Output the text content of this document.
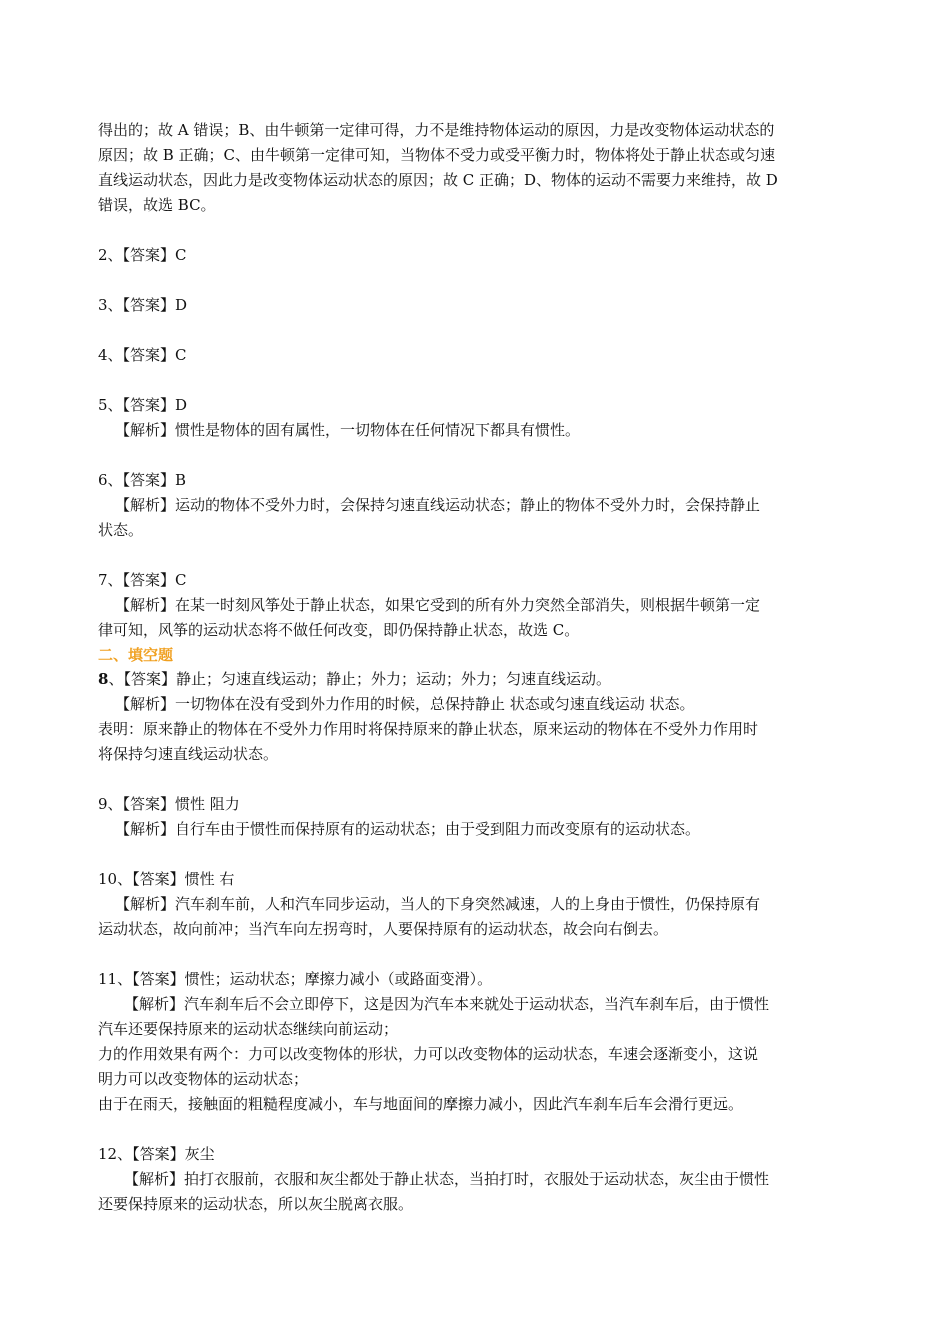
得出的；故 A 错误；B、由牛顿第一定律可得，力不是维持物体运动的原因，力是改变物体运动状态的
原因；故 B 正确；C、由牛顿第一定律可知，当物体不受力或受平衡力时，物体将处于静止状态或匀速
直线运动状态，因此力是改变物体运动状态的原因；故 C 正确；D、物体的运动不需要力来维持，故 D
错误，故选 BC。
2、【答案】C
3、【答案】D
4、【答案】C
5、【答案】D
【解析】惯性是物体的固有属性，一切物体在任何情况下都具有惯性。
6、【答案】B
【解析】运动的物体不受外力时，会保持匀速直线运动状态；静止的物体不受外力时，会保持静止
状态。
7、【答案】C
【解析】在某一时刻风筝处于静止状态，如果它受到的所有外力突然全部消失，则根据牛顿第一定
律可知，风筝的运动状态将不做任何改变，即仍保持静止状态，故选 C。
二、填空题
8、【答案】静止；匀速直线运动；静止；外力；运动；外力；匀速直线运动。
【解析】一切物体在没有受到外力作用的时候，总保持静止 状态或匀速直线运动 状态。
表明：原来静止的物体在不受外力作用时将保持原来的静止状态，原来运动的物体在不受外力作用时
将保持匀速直线运动状态。
9、【答案】惯性 阻力
【解析】自行车由于惯性而保持原有的运动状态；由于受到阻力而改变原有的运动状态。
10、【答案】惯性 右
【解析】汽车刹车前，人和汽车同步运动，当人的下身突然减速，人的上身由于惯性，仍保持原有
运动状态，故向前冲；当汽车向左拐弯时，人要保持原有的运动状态，故会向右倒去。
11、【答案】惯性；运动状态；摩擦力减小（或路面变滑）。
【解析】汽车刹车后不会立即停下，这是因为汽车本来就处于运动状态，当汽车刹车后，由于惯性
汽车还要保持原来的运动状态继续向前运动；
力的作用效果有两个：力可以改变物体的形状，力可以改变物体的运动状态，车速会逐渐变小，这说
明力可以改变物体的运动状态；
由于在雨天，接触面的粗糙程度减小，车与地面间的摩擦力减小，因此汽车刹车后车会滑行更远。
12、【答案】灰尘
【解析】拍打衣服前，衣服和灰尘都处于静止状态，当拍打时，衣服处于运动状态，灰尘由于惯性
还要保持原来的运动状态，所以灰尘脱离衣服。
